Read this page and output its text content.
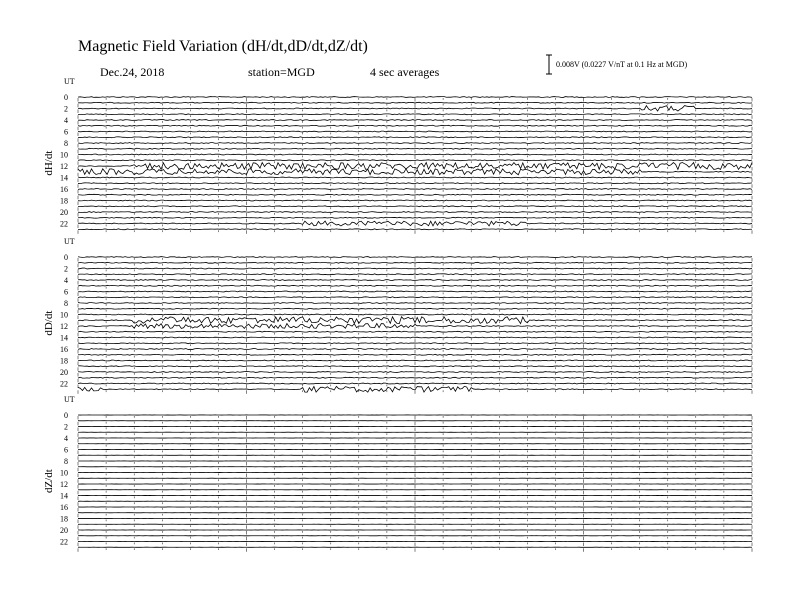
Magnetic Field Variation (dH/dt,dD/dt,dZ/dt)
Dec.24, 2018	station=MGD	4 sec averages
0.008V (0.0227 V/nT at 0.1 Hz at MGD)
UT
dH/dt
0
2
4
6
8
10
12
14
16
18
20
22
UT
dD/dt
0
2
4
6
8
10
12
14
16
18
20
22
UT
dZ/dt
0
2
4
6
8
10
12
14
16
18
20
22
